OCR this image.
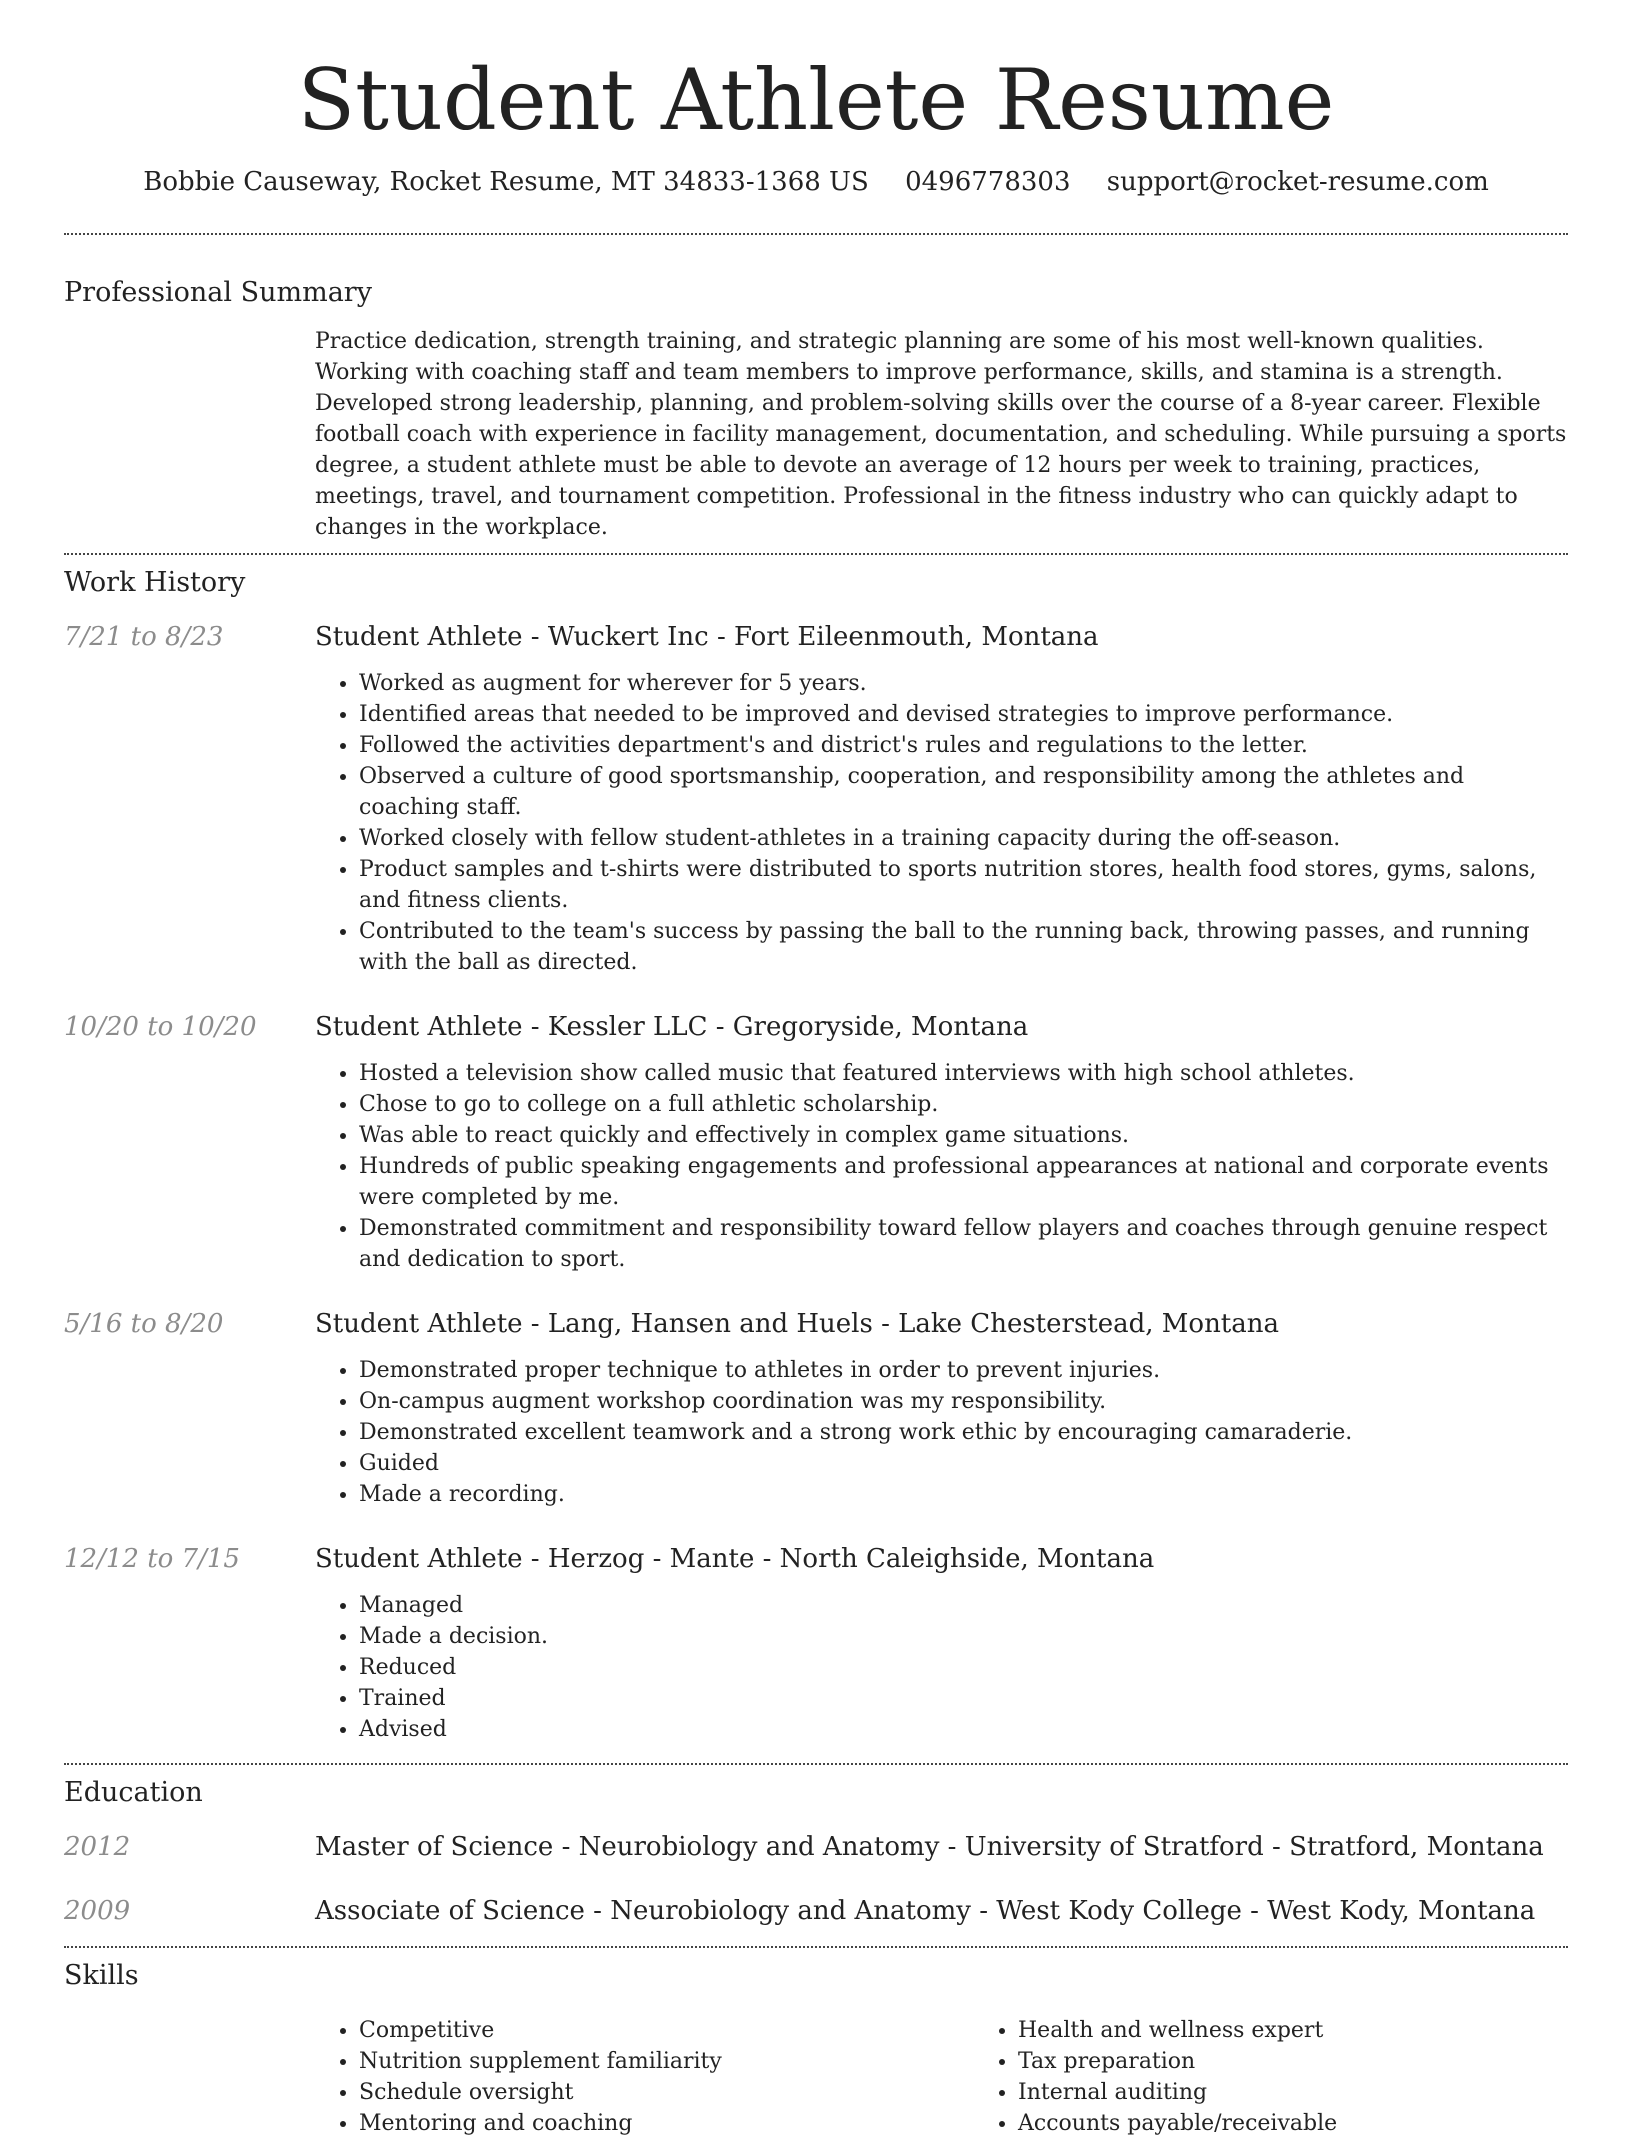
Student Athlete Resume
Bobbie Causeway, Rocket Resume, MT 34833-1368 US 0496778303 support@rocket-resume.com
Professional Summary

Practice dedication, strength training, and strategic planning are some of his most well-known qualities. Working with coaching staff and team members to improve performance, skills, and stamina is a strength. Developed strong leadership, planning, and problem-solving skills over the course of a 8-year career. Flexible football coach with experience in facility management, documentation, and scheduling. While pursuing a sports degree, a student athlete must be able to devote an average of 12 hours per week to training, practices, meetings, travel, and tournament competition. Professional in the fitness industry who can quickly adapt to changes in the workplace.

Work History
7/21 to 8/23	Student Athlete - Wuckert Inc - Fort Eileenmouth, Montana
• Worked as augment for wherever for 5 years.
• Identified areas that needed to be improved and devised strategies to improve performance.
• Followed the activities department's and district's rules and regulations to the letter.
• Observed a culture of good sportsmanship, cooperation, and responsibility among the athletes and coaching staff.
• Worked closely with fellow student-athletes in a training capacity during the off-season.
• Product samples and t-shirts were distributed to sports nutrition stores, health food stores, gyms, salons, and fitness clients.
• Contributed to the team's success by passing the ball to the running back, throwing passes, and running with the ball as directed.
10/20 to 10/20	Student Athlete - Kessler LLC - Gregoryside, Montana
• Hosted a television show called music that featured interviews with high school athletes.
• Chose to go to college on a full athletic scholarship.
• Was able to react quickly and effectively in complex game situations.
• Hundreds of public speaking engagements and professional appearances at national and corporate events were completed by me.
• Demonstrated commitment and responsibility toward fellow players and coaches through genuine respect and dedication to sport.
5/16 to 8/20	Student Athlete - Lang, Hansen and Huels - Lake Chesterstead, Montana
• Demonstrated proper technique to athletes in order to prevent injuries.
• On-campus augment workshop coordination was my responsibility.
• Demonstrated excellent teamwork and a strong work ethic by encouraging camaraderie.
• Guided
• Made a recording.
12/12 to 7/15	Student Athlete - Herzog - Mante - North Caleighside, Montana
• Managed
• Made a decision.
• Reduced
• Trained
• Advised
Education
2012	Master of Science - Neurobiology and Anatomy - University of Stratford - Stratford, Montana
2009	Associate of Science - Neurobiology and Anatomy - West Kody College - West Kody, Montana
Skills
• Competitive
• Nutrition supplement familiarity
• Schedule oversight
• Mentoring and coaching
• Health and wellness expert
• Tax preparation
• Internal auditing
• Accounts payable/receivable
